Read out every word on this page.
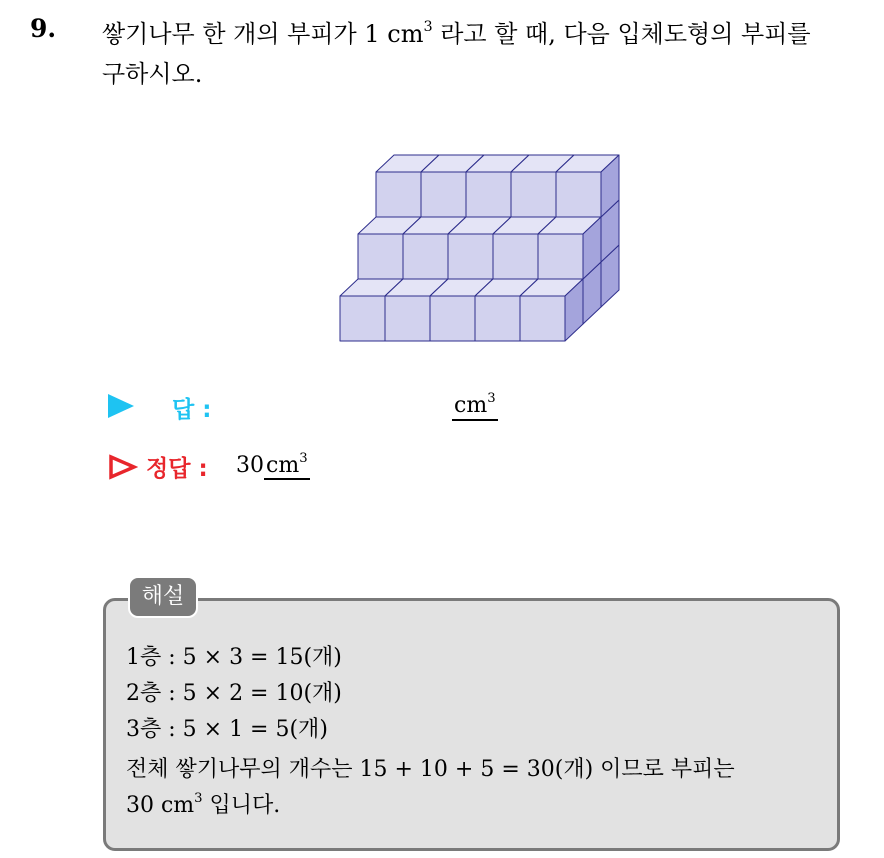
9. 쌓기나무 한 개의 부피가 1 $cm^3$ 라고 할 때, 다음 입체도형의 부피를
구하시오.
답 :	$cm^3$
정답 : $30cm^3$
해설
1층 : 5 × 3 = 15(개)
2층 : 5 × 2 = 10(개)
3층 : 5 × 1 = 5(개)
전체 쌓기나무의 개수는 15 + 10 + 5 = 30(개) 이므로 부피는
30 $cm^3$ 입니다.
